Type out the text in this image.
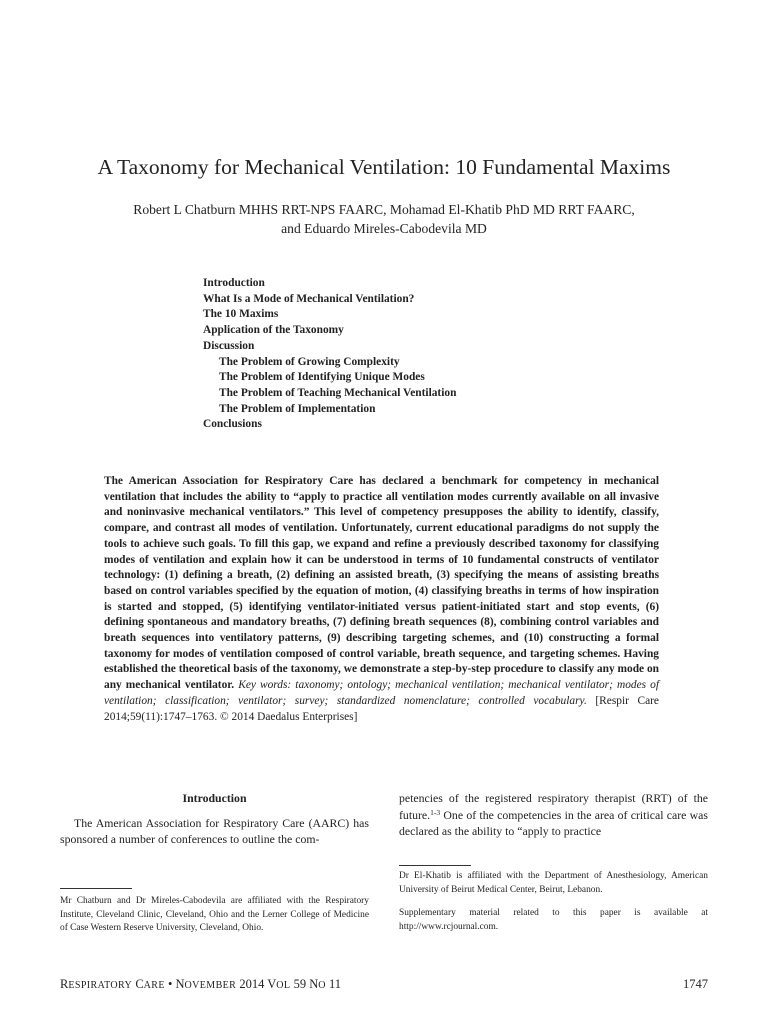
A Taxonomy for Mechanical Ventilation: 10 Fundamental Maxims
Robert L Chatburn MHHS RRT-NPS FAARC, Mohamad El-Khatib PhD MD RRT FAARC,
and Eduardo Mireles-Cabodevila MD
Introduction
What Is a Mode of Mechanical Ventilation?
The 10 Maxims
Application of the Taxonomy
Discussion
The Problem of Growing Complexity
The Problem of Identifying Unique Modes
The Problem of Teaching Mechanical Ventilation
The Problem of Implementation
Conclusions

The American Association for Respiratory Care has declared a benchmark for competency in mechanical ventilation that includes the ability to “apply to practice all ventilation modes currently available on all invasive and noninvasive mechanical ventilators.” This level of competency presupposes the ability to identify, classify, compare, and contrast all modes of ventilation. Unfortunately, current educational paradigms do not supply the tools to achieve such goals. To fill this gap, we expand and refine a previously described taxonomy for classifying modes of ventilation and explain how it can be understood in terms of 10 fundamental constructs of ventilator technology: (1) defining a breath, (2) defining an assisted breath, (3) specifying the means of assisting breaths based on control variables specified by the equation of motion, (4) classifying breaths in terms of how inspiration is started and stopped, (5) identifying ventilator-initiated versus patient-initiated start and stop events, (6) defining spontaneous and mandatory breaths, (7) defining breath sequences (8), combining control variables and breath sequences into ventilatory patterns, (9) describing targeting schemes, and (10) constructing a formal taxonomy for modes of ventilation composed of control variable, breath sequence, and targeting schemes. Having established the theoretical basis of the taxonomy, we demonstrate a step-by-step procedure to classify any mode on any mechanical ventilator. Key words: taxonomy; ontology; mechanical ventilation; mechanical ventilator; modes of ventilation; classification; ventilator; survey; standardized nomenclature; controlled vocabulary. [Respir Care 2014;59(11):1747–1763. © 2014 Daedalus Enterprises]

Introduction

The American Association for Respiratory Care (AARC) has sponsored a number of conferences to outline the com-

petencies of the registered respiratory therapist (RRT) of the future.$^{1-3}$ One of the competencies in the area of critical care was declared as the ability to “apply to practice

Mr Chatburn and Dr Mireles-Cabodevila are affiliated with the Respiratory Institute, Cleveland Clinic, Cleveland, Ohio and the Lerner College of Medicine of Case Western Reserve University, Cleveland, Ohio.

Dr El-Khatib is affiliated with the Department of Anesthesiology, American University of Beirut Medical Center, Beirut, Lebanon.

Supplementary material related to this paper is available at http://www.rcjournal.com.

RESPIRATORY CARE • NOVEMBER 2014 VOL 59 NO 11	1747
